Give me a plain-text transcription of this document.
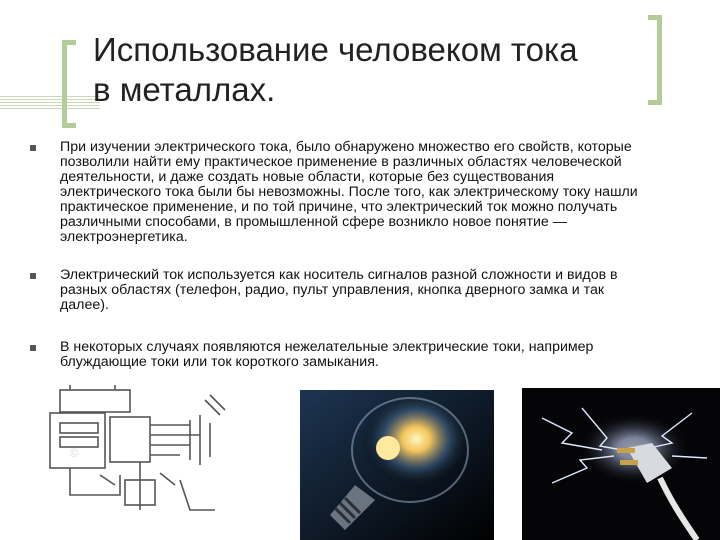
Использование человеком тока
в металлах.
При изучении электрического тока, было обнаружено множество его свойств, которые
позволили найти ему практическое применение в различных областях человеческой
деятельности, и даже создать новые области, которые без существования
электрического тока были бы невозможны. После того, как электрическому току нашли
практическое применение, и по той причине, что электрический ток можно получать
различными способами, в промышленной сфере возникло новое понятие —
электроэнергетика.
Электрический ток используется как носитель сигналов разной сложности и видов в
разных областях (телефон, радио, пульт управления, кнопка дверного замка и так
далее).
В некоторых случаях появляются нежелательные электрические токи, например
блуждающие токи или ток короткого замыкания.
©
